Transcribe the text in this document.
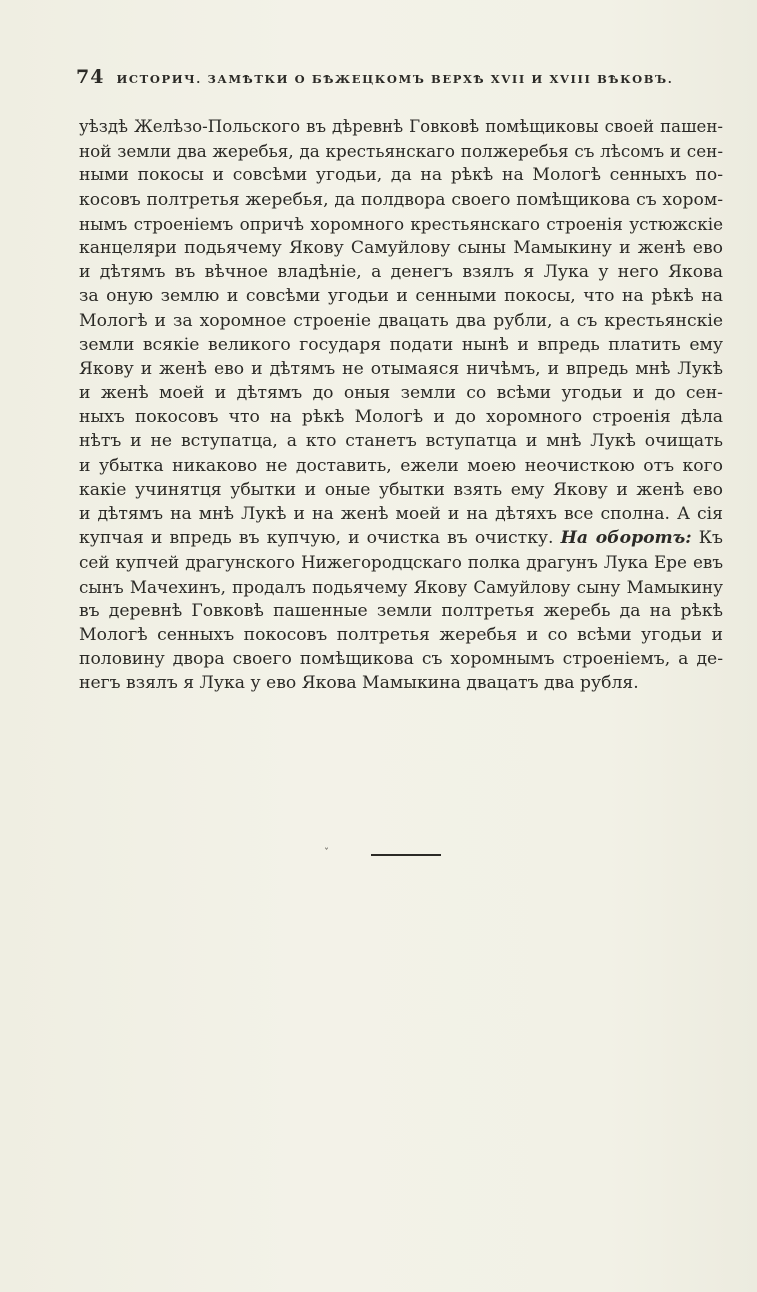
74 ИСТОРИЧ. ЗАМѢТКИ О БѢЖЕЦКОМЪ ВЕРХѢ XVII И XVIII ВѢКОВЪ.
уѣздѣ Желѣзо-Польского въ дѣревнѣ Говковѣ помѣщиковы своей пашен-
ной земли два жеребья, да крестьянскаго полжеребья съ лѣсомъ и сен-
ными покосы и совсѣми угодьи, да на рѣкѣ на Мологѣ сенныхъ по-
косовъ полтретья жеребья, да полдвора своего помѣщикова съ хором-
нымъ строеніемъ опричѣ хоромного крестьянскаго строенія устюжскіе
канцеляри подьячему Якову Самуйлову сыны Мамыкину и женѣ ево
и дѣтямъ въ вѣчное владѣніе, а денегъ взялъ я Лука у него Якова
за оную землю и совсѣми угодьи и сенными покосы, что на рѣкѣ на
Мологѣ и за хоромное строеніе двацать два рубли, а съ крестьянскіе
земли всякіе великого государя подати нынѣ и впредь платить ему
Якову и женѣ ево и дѣтямъ не отымаяся ничѣмъ, и впредь мнѣ Лукѣ
и женѣ моей и дѣтямъ до оныя земли со всѣми угодьи и до сен-
ныхъ покосовъ что на рѣкѣ Мологѣ и до хоромного строенія дѣла
нѣтъ и не вступатца, а кто станетъ вступатца и мнѣ Лукѣ очищать
и убытка никаково не доставить, ежели моею неочисткою отъ кого
какіе учинятця убытки и оные убытки взять ему Якову и женѣ ево
и дѣтямъ на мнѣ Лукѣ и на женѣ моей и на дѣтяхъ все сполна. А сія
купчая и впредь въ купчую, и очистка въ очистку. На оборотъ: Къ
сей купчей драгунского Нижегородцскаго полка драгунъ Лука Ере евъ
сынъ Мачехинъ, продалъ подьячему Якову Самуйлову сыну Мамыкину
въ деревнѣ Говковѣ пашенные земли полтретья жеребь да на рѣкѣ
Мологѣ сенныхъ покосовъ полтретья жеребья и со всѣми угодьи и
половину двора своего помѣщикова съ хоромнымъ строеніемъ, а де-
негъ взялъ я Лука у ево Якова Мамыкина двацатъ два рубля.
ˇ
